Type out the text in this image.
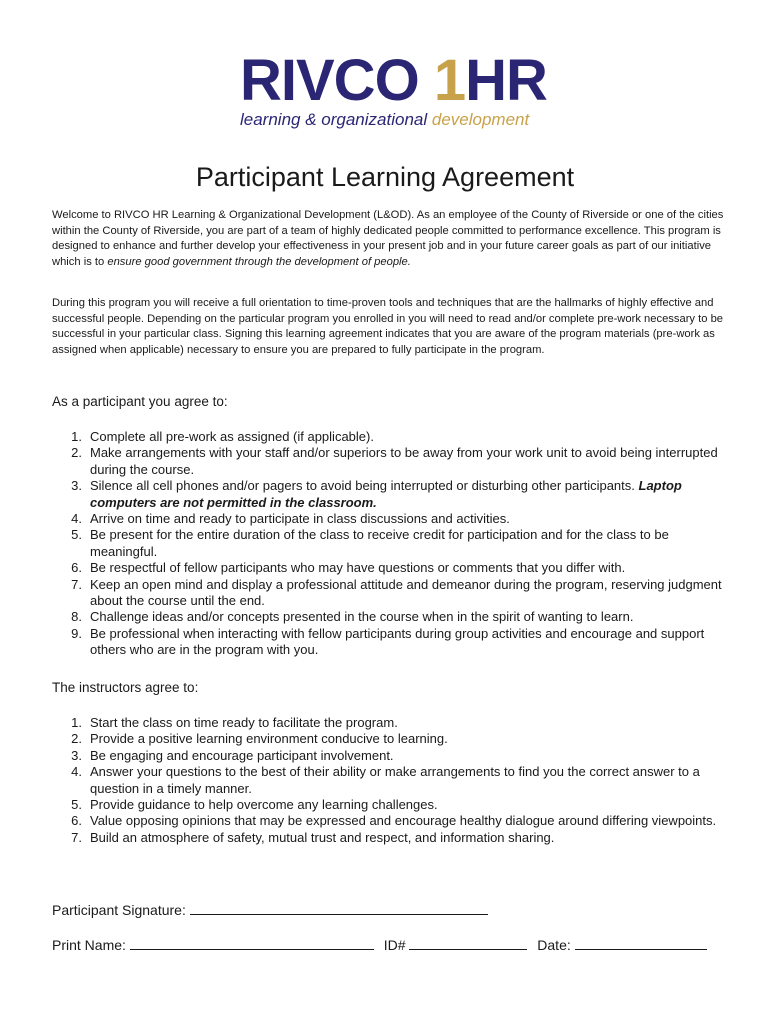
RIVCO 1HR
learning & organizational development
Participant Learning Agreement
Welcome to RIVCO HR Learning & Organizational Development (L&OD). As an employee of the County of Riverside or one of the cities within the County of Riverside, you are part of a team of highly dedicated people committed to performance excellence. This program is designed to enhance and further develop your effectiveness in your present job and in your future career goals as part of our initiative which is to ensure good government through the development of people.
During this program you will receive a full orientation to time-proven tools and techniques that are the hallmarks of highly effective and successful people. Depending on the particular program you enrolled in you will need to read and/or complete pre-work necessary to be successful in your particular class. Signing this learning agreement indicates that you are aware of the program materials (pre-work as assigned when applicable) necessary to ensure you are prepared to fully participate in the program.
As a participant you agree to:
1. Complete all pre-work as assigned (if applicable).
2. Make arrangements with your staff and/or superiors to be away from your work unit to avoid being interrupted during the course.
3. Silence all cell phones and/or pagers to avoid being interrupted or disturbing other participants. Laptop computers are not permitted in the classroom.
4. Arrive on time and ready to participate in class discussions and activities.
5. Be present for the entire duration of the class to receive credit for participation and for the class to be meaningful.
6. Be respectful of fellow participants who may have questions or comments that you differ with.
7. Keep an open mind and display a professional attitude and demeanor during the program, reserving judgment about the course until the end.
8. Challenge ideas and/or concepts presented in the course when in the spirit of wanting to learn.
9. Be professional when interacting with fellow participants during group activities and encourage and support others who are in the program with you.
The instructors agree to:
1. Start the class on time ready to facilitate the program.
2. Provide a positive learning environment conducive to learning.
3. Be engaging and encourage participant involvement.
4. Answer your questions to the best of their ability or make arrangements to find you the correct answer to a question in a timely manner.
5. Provide guidance to help overcome any learning challenges.
6. Value opposing opinions that may be expressed and encourage healthy dialogue around differing viewpoints.
7. Build an atmosphere of safety, mutual trust and respect, and information sharing.
Participant Signature:
Print Name:	ID#	Date:
